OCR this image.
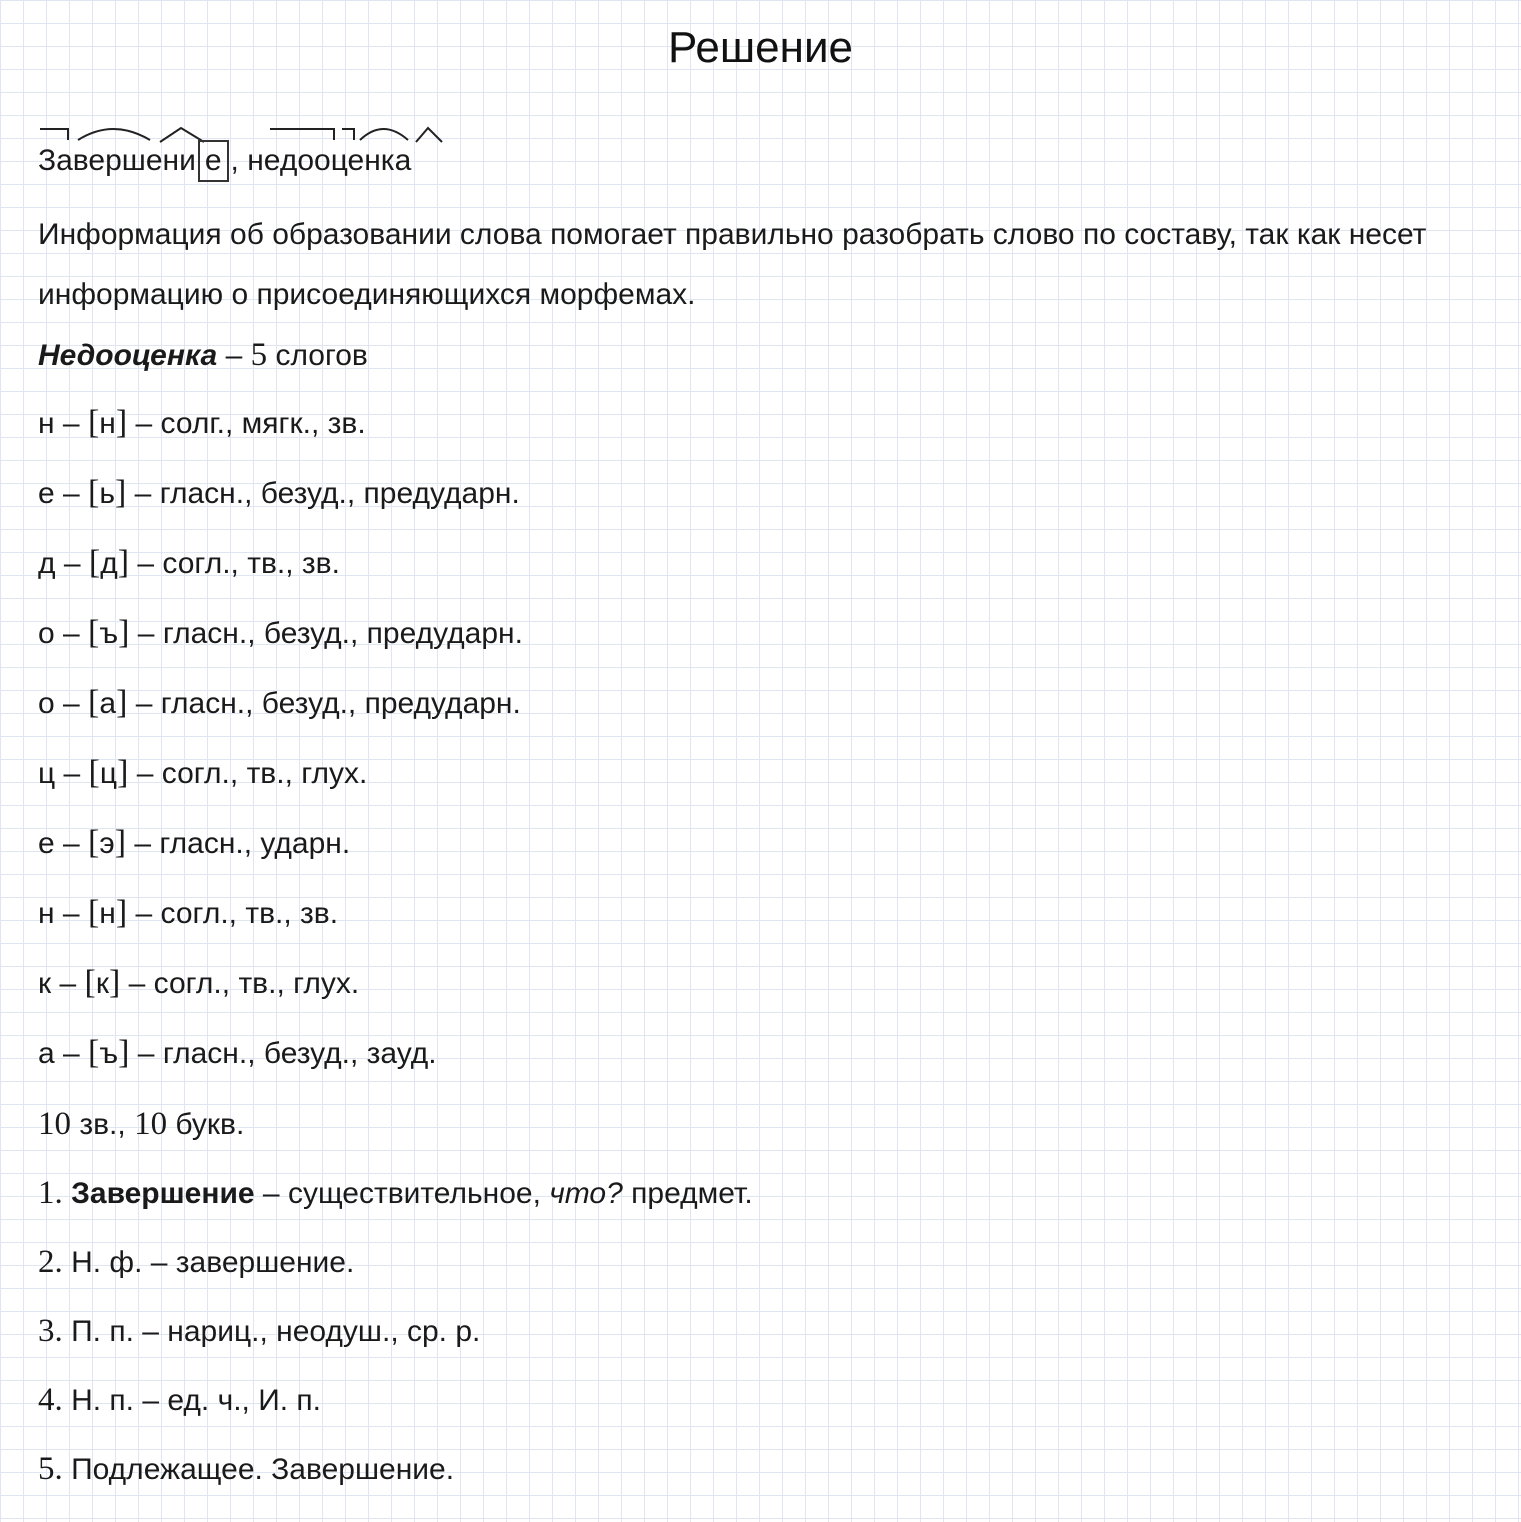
Решение
Завершени е ,
недооценка

Информация об образовании слова помогает правильно разобрать слово по составу, так как несет информацию о присоединяющихся морфемах.

Недооценка – 5 слогов
н – [н] – солг., мягк., зв.
е – [ь] – гласн., безуд., предударн.
д – [д] – согл., тв., зв.
о – [ъ] – гласн., безуд., предударн.
о – [а] – гласн., безуд., предударн.
ц – [ц] – согл., тв., глух.
е – [э] – гласн., ударн.
н – [н] – согл., тв., зв.
к – [к] – согл., тв., глух.
а – [ъ] – гласн., безуд., зауд.
10 зв., 10 букв.
1. Завершение – существительное, что? предмет.
2. Н. ф. – завершение.
3. П. п. – нариц., неодуш., ср. р.
4. Н. п. – ед. ч., И. п.
5. Подлежащее. Завершение.
